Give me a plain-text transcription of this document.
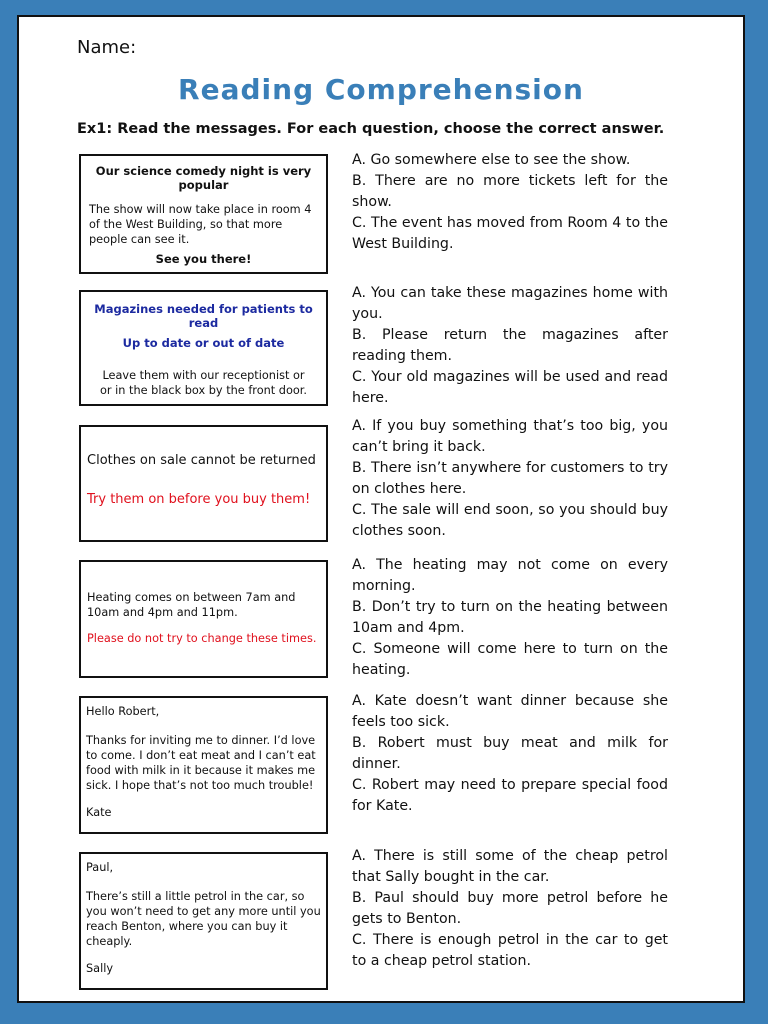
Name:
Reading Comprehension
Ex1: Read the messages. For each question, choose the correct answer.
Our science comedy night is very popular
The show will now take place in room 4 of the West Building, so that more people can see it.
See you there!

A. Go somewhere else to see the show.

B. There are no more tickets left for the show.

C. The event has moved from Room 4 to the West Building.

Magazines needed for patients to read
Up to date or out of date
Leave them with our receptionist or or in the black box by the front door.

A. You can take these magazines home with you.

B. Please return the magazines after reading them.

C. Your old magazines will be used and read here.

Clothes on sale cannot be returned
Try them on before you buy them!

A. If you buy something that’s too big, you can’t bring it back.

B. There isn’t anywhere for customers to try on clothes here.

C. The sale will end soon, so you should buy clothes soon.

Heating comes on between 7am and 10am and 4pm and 11pm.
Please do not try to change these times.

A. The heating may not come on every morning.

B. Don’t try to turn on the heating between 10am and 4pm.

C. Someone will come here to turn on the heating.

Hello Robert,
Thanks for inviting me to dinner. I’d love to come. I don’t eat meat and I can’t eat food with milk in it because it makes me sick. I hope that’s not too much trouble!
Kate

A. Kate doesn’t want dinner because she feels too sick.

B. Robert must buy meat and milk for dinner.

C. Robert may need to prepare special food for Kate.

Paul,
There’s still a little petrol in the car, so you won’t need to get any more until you reach Benton, where you can buy it cheaply.
Sally

A. There is still some of the cheap petrol that Sally bought in the car.

B. Paul should buy more petrol before he gets to Benton.

C. There is enough petrol in the car to get to a cheap petrol station.
